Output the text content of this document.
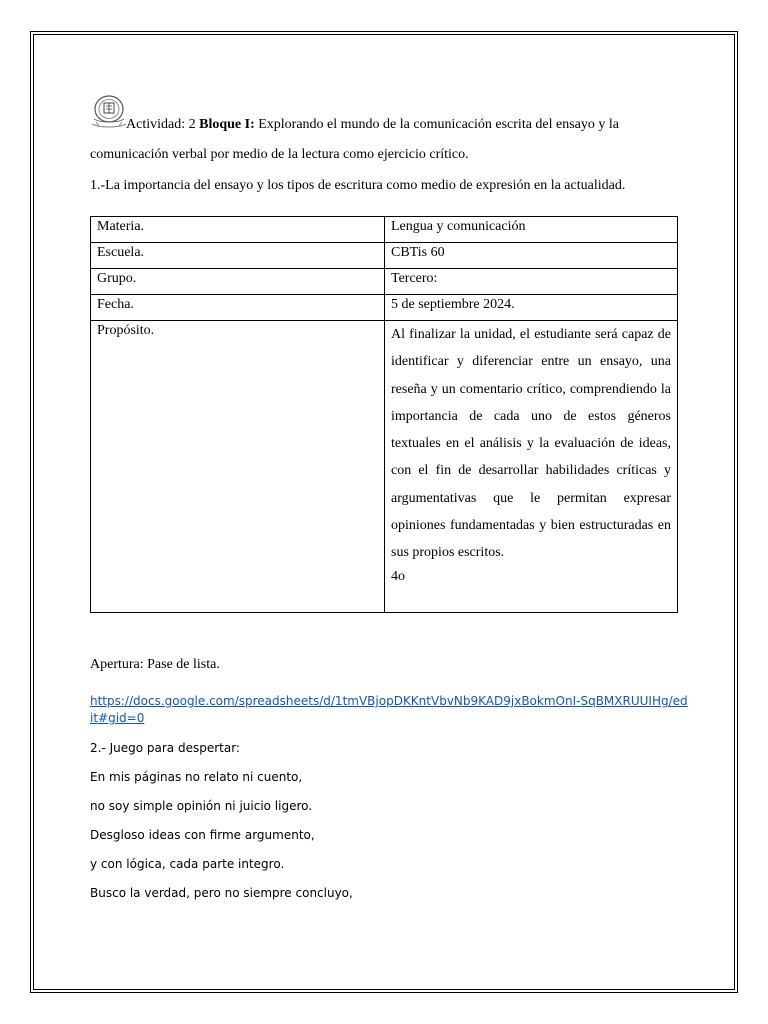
Actividad: 2 Bloque I: Explorando el mundo de la comunicación escrita del ensayo y la
comunicación verbal por medio de la lectura como ejercicio crítico.
1.-La importancia del ensayo y los tipos de escritura como medio de expresión en la actualidad.
Materia.	Lengua y comunicación
Escuela.	CBTis 60
Grupo.	Tercero:
Fecha.	5 de septiembre 2024.
Propósito.	Al finalizar la unidad, el estudiante será capaz de identificar y diferenciar entre un ensayo, una reseña y un comentario crítico, comprendiendo la importancia de cada uno de estos géneros textuales en el análisis y la evaluación de ideas, con el fin de desarrollar habilidades críticas y argumentativas que le permitan expresar opiniones fundamentadas y bien estructuradas en sus propios escritos.
4o
Apertura: Pase de lista.
https://docs.google.com/spreadsheets/d/1tmVBjopDKKntVbvNb9KAD9jxBokmOnI-SqBMXRUUIHg/edit#gid=0
2.- Juego para despertar:
En mis páginas no relato ni cuento,
no soy simple opinión ni juicio ligero.
Desgloso ideas con firme argumento,
y con lógica, cada parte integro.
Busco la verdad, pero no siempre concluyo,
